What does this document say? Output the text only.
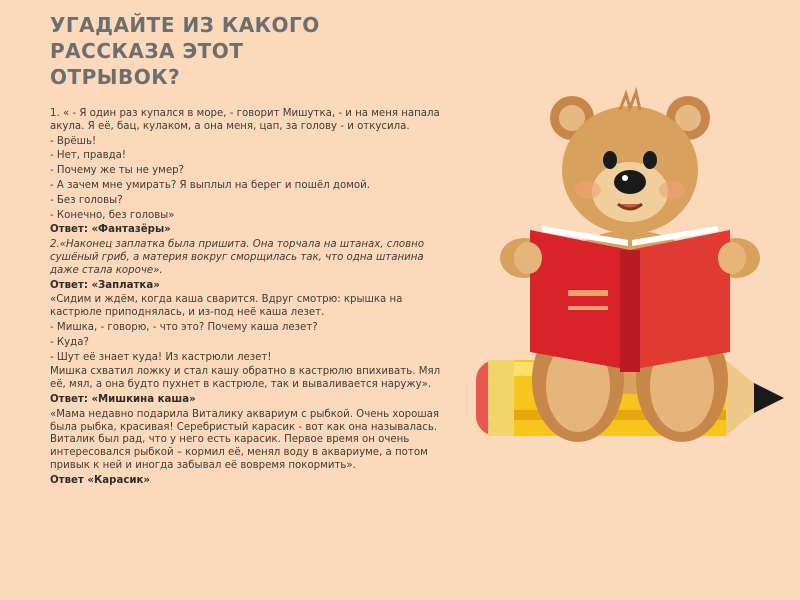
УГАДАЙТЕ ИЗ КАКОГО
РАССКАЗА ЭТОТ
ОТРЫВОК?

1. « - Я один раз купался в море, - говорит Мишутка, - и на меня напала акула. Я её, бац, кулаком, а она меня, цап, за голову - и откусила.

- Врёшь!

- Нет, правда!

- Почему же ты не умер?

- А зачем мне умирать? Я выплыл на берег и пошёл домой.

- Без головы?

- Конечно, без головы»

Ответ: «Фантазёры»

2.«Наконец заплатка была пришита. Она торчала на штанах, словно сушёный гриб, а материя вокруг сморщилась так, что одна штанина даже стала короче».

Ответ: «Заплатка»

«Сидим и ждём, когда каша сварится. Вдруг смотрю: крышка на кастрюле приподнялась, и из-под неё каша лезет.

- Мишка, - говорю, - что это? Почему каша лезет?

- Куда?

- Шут её знает куда! Из кастрюли лезет!

Мишка схватил ложку и стал кашу обратно в кастрюлю впихивать. Мял её, мял, а она будто пухнет в кастрюле, так и вываливается наружу».

Ответ: «Мишкина каша»

«Мама недавно подарила Виталику аквариум с рыбкой. Очень хорошая была рыбка, красивая! Серебристый карасик - вот как она называлась. Виталик был рад, что у него есть карасик. Первое время он очень интересовался рыбкой – кормил её, менял воду в аквариуме, а потом привык к ней и иногда забывал её вовремя покормить».

Ответ «Карасик»
